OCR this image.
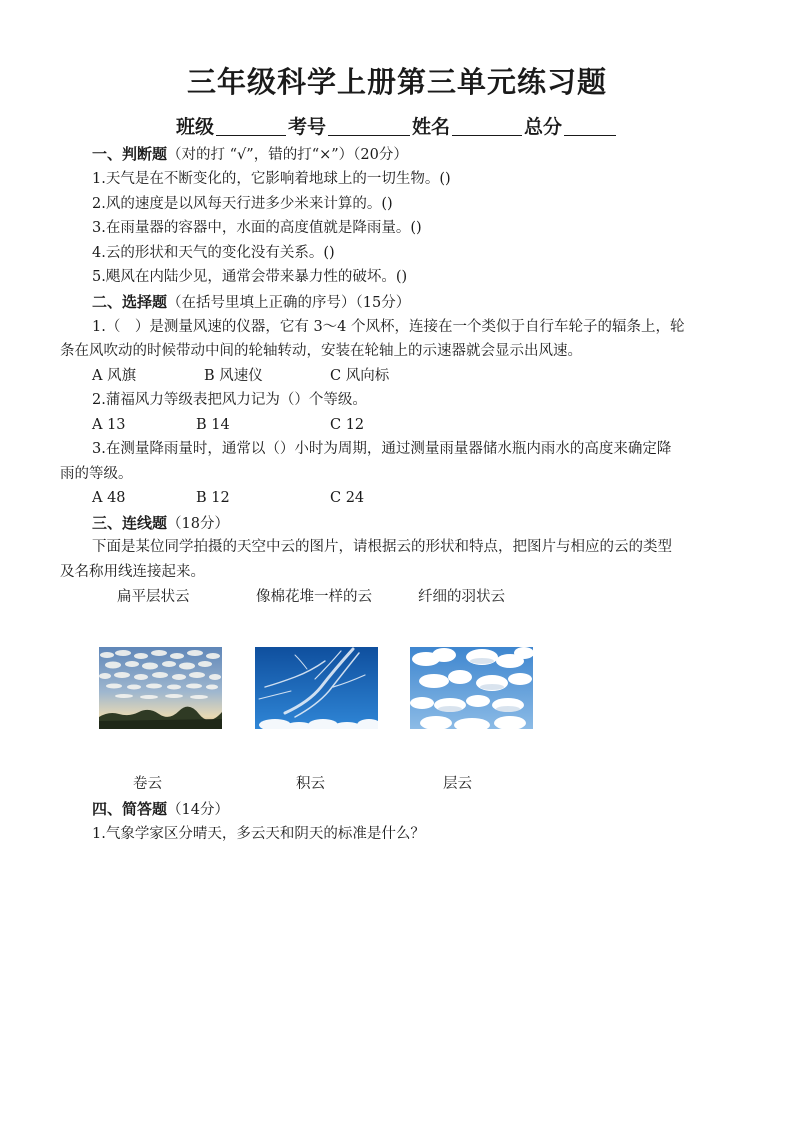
三年级科学上册第三单元练习题
班级	考号	姓名	总分
一、判断题（对的打 “√”，错的打“×”）（20分）
1.天气是在不断变化的，它影响着地球上的一切生物。()
2.风的速度是以风每天行进多少米来计算的。()
3.在雨量器的容器中，水面的高度值就是降雨量。()
4.云的形状和天气的变化没有关系。()
5.飓风在内陆少见，通常会带来暴力性的破坏。()
二、选择题（在括号里填上正确的序号）（15分）
1.（　）是测量风速的仪器，它有 3～4 个风杯，连接在一个类似于自行车轮子的辐条上，轮
条在风吹动的时候带动中间的轮轴转动，安装在轮轴上的示速器就会显示出风速。
A 风旗	B 风速仪	C 风向标
2.蒲福风力等级表把风力记为（）个等级。
A 13	B 14	C 12
3.在测量降雨量时，通常以（）小时为周期，通过测量雨量器储水瓶内雨水的高度来确定降
雨的等级。
A 48	B 12	C 24
三、连线题（18分）
下面是某位同学拍摄的天空中云的图片，请根据云的形状和特点，把图片与相应的云的类型
及名称用线连接起来。
扁平层状云	像棉花堆一样的云	纤细的羽状云
卷云	积云	层云
四、简答题（14分）
1.气象学家区分晴天，多云天和阴天的标准是什么？
